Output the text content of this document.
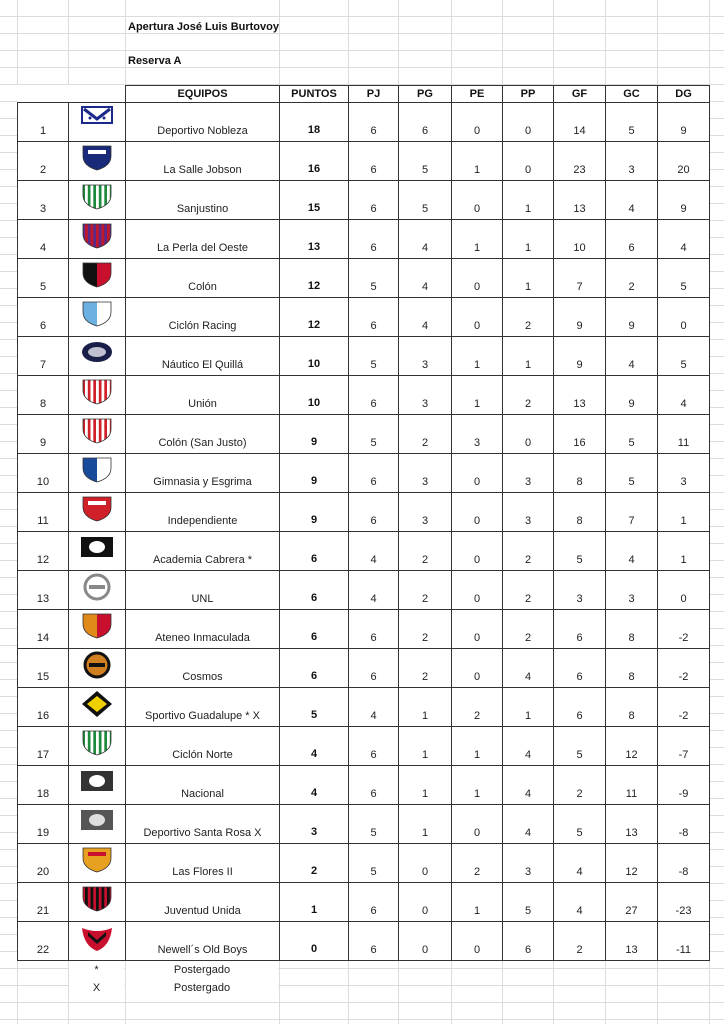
Apertura José Luis Burtovoy
Reserva A
		EQUIPOS	PUNTOS	PJ	PG	PE	PP	GF	GC	DG
1		Deportivo Nobleza	18	6	6	0	0	14	5	9
2		La Salle Jobson	16	6	5	1	0	23	3	20
3		Sanjustino	15	6	5	0	1	13	4	9
4		La Perla del Oeste	13	6	4	1	1	10	6	4
5		Colón	12	5	4	0	1	7	2	5
6		Ciclón Racing	12	6	4	0	2	9	9	0
7		Náutico El Quillá	10	5	3	1	1	9	4	5
8		Unión	10	6	3	1	2	13	9	4
9		Colón (San Justo)	9	5	2	3	0	16	5	11
10		Gimnasia y Esgrima	9	6	3	0	3	8	5	3
11		Independiente	9	6	3	0	3	8	7	1
12		Academia Cabrera *	6	4	2	0	2	5	4	1
13		UNL	6	4	2	0	2	3	3	0
14		Ateneo Inmaculada	6	6	2	0	2	6	8	-2
15		Cosmos	6	6	2	0	4	6	8	-2
16		Sportivo Guadalupe * X	5	4	1	2	1	6	8	-2
17		Ciclón Norte	4	6	1	1	4	5	12	-7
18		Nacional	4	6	1	1	4	2	11	-9
19		Deportivo Santa Rosa X	3	5	1	0	4	5	13	-8
20		Las Flores II	2	5	0	2	3	4	12	-8
21		Juventud Unida	1	6	0	1	5	4	27	-23
22		Newell´s Old Boys	0	6	0	0	6	2	13	-11
*	Postergado
X	Postergado
